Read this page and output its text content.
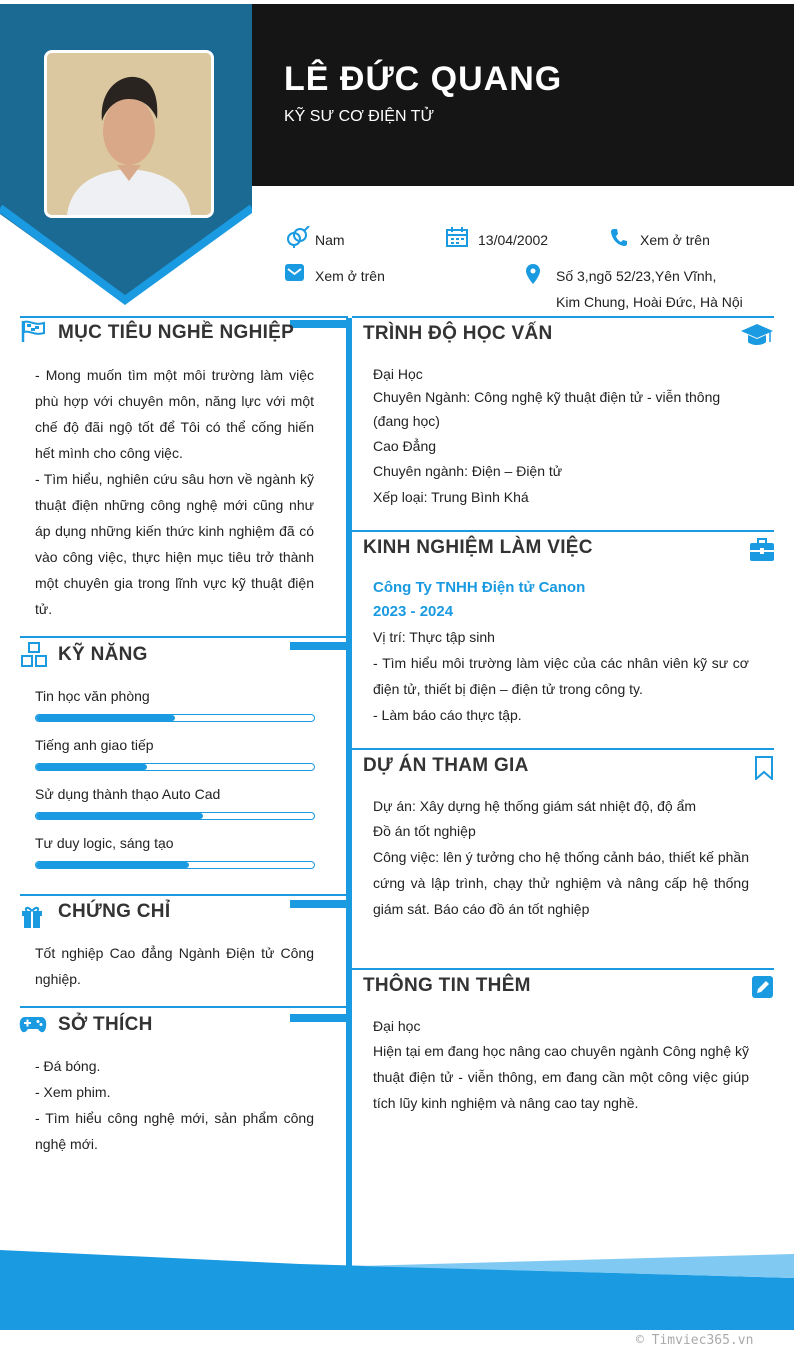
LÊ ĐỨC QUANG
KỸ SƯ CƠ ĐIỆN TỬ
Nam	13/04/2002	Xem ở trên
Xem ở trên	Số 3,ngõ 52/23,Yên Vĩnh,
Kim Chung, Hoài Đức, Hà Nội
MỤC TIÊU NGHỀ NGHIỆP
- Mong muốn tìm một môi trường làm việc phù hợp với chuyên môn, năng lực với một chế độ đãi ngộ tốt để Tôi có thể cống hiến hết mình cho công việc.
- Tìm hiểu, nghiên cứu sâu hơn về ngành kỹ thuật điện những công nghệ mới cũng như áp dụng những kiến thức kinh nghiệm đã có vào công việc, thực hiện mục tiêu trở thành một chuyên gia trong lĩnh vực kỹ thuật điện tử.
KỸ NĂNG
Tin học văn phòng
Tiếng anh giao tiếp
Sử dụng thành thạo Auto Cad
Tư duy logic, sáng tạo
CHỨNG CHỈ
Tốt nghiệp Cao đẳng Ngành Điện tử Công nghiệp.
SỞ THÍCH
- Đá bóng.
- Xem phim.
- Tìm hiểu công nghệ mới, sản phẩm công nghệ mới.
TRÌNH ĐỘ HỌC VẤN
Đại Học
Chuyên Ngành: Công nghệ kỹ thuật điện tử - viễn thông (đang học)
Cao Đẳng
Chuyên ngành: Điện – Điện tử
Xếp loại: Trung Bình Khá
KINH NGHIỆM LÀM VIỆC
Công Ty TNHH Điện tử Canon
2023 - 2024
Vị trí: Thực tập sinh
- Tìm hiểu môi trường làm việc của các nhân viên kỹ sư cơ điện tử, thiết bị điện – điện tử trong công ty.
- Làm báo cáo thực tập.
DỰ ÁN THAM GIA
Dự án: Xây dựng hệ thống giám sát nhiệt độ, độ ẩm
Đồ án tốt nghiệp
Công việc: lên ý tưởng cho hệ thống cảnh báo, thiết kế phần cứng và lập trình, chạy thử nghiệm và nâng cấp hệ thống giám sát. Báo cáo đồ án tốt nghiệp
THÔNG TIN THÊM
Đại học
Hiện tại em đang học nâng cao chuyên ngành Công nghệ kỹ thuật điện tử - viễn thông, em đang cần một công việc giúp tích lũy kinh nghiệm và nâng cao tay nghề.
© Timviec365.vn
